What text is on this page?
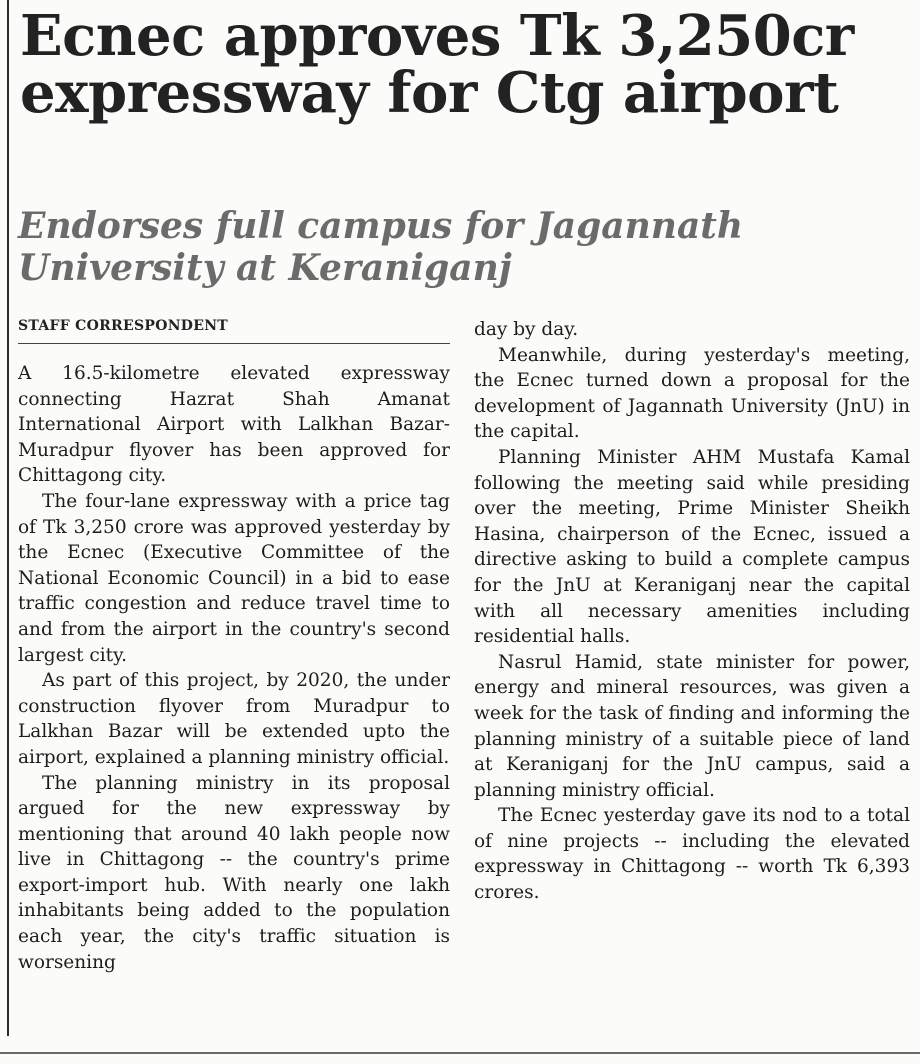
Ecnec approves Tk 3,250cr expressway for Ctg airport
Endorses full campus for Jagannath University at Keraniganj
STAFF CORRESPONDENT

A 16.5-kilometre elevated expressway connecting Hazrat Shah Amanat International Airport with Lalkhan Bazar-Muradpur flyover has been approved for Chittagong city.

The four-lane expressway with a price tag of Tk 3,250 crore was approved yesterday by the Ecnec (Executive Committee of the National Economic Council) in a bid to ease traffic congestion and reduce travel time to and from the airport in the country's second largest city.

As part of this project, by 2020, the under construction flyover from Muradpur to Lalkhan Bazar will be extended upto the airport, explained a planning ministry official.

The planning ministry in its proposal argued for the new expressway by mentioning that around 40 lakh people now live in Chittagong -- the country's prime export-import hub. With nearly one lakh inhabitants being added to the population each year, the city's traffic situation is worsening

day by day.

Meanwhile, during yesterday's meeting, the Ecnec turned down a proposal for the development of Jagannath University (JnU) in the capital.

Planning Minister AHM Mustafa Kamal following the meeting said while presiding over the meeting, Prime Minister Sheikh Hasina, chairperson of the Ecnec, issued a directive asking to build a complete campus for the JnU at Keraniganj near the capital with all necessary amenities including residential halls.

Nasrul Hamid, state minister for power, energy and mineral resources, was given a week for the task of finding and informing the planning ministry of a suitable piece of land at Keraniganj for the JnU campus, said a planning ministry official.

The Ecnec yesterday gave its nod to a total of nine projects -- including the elevated expressway in Chittagong -- worth Tk 6,393 crores.
